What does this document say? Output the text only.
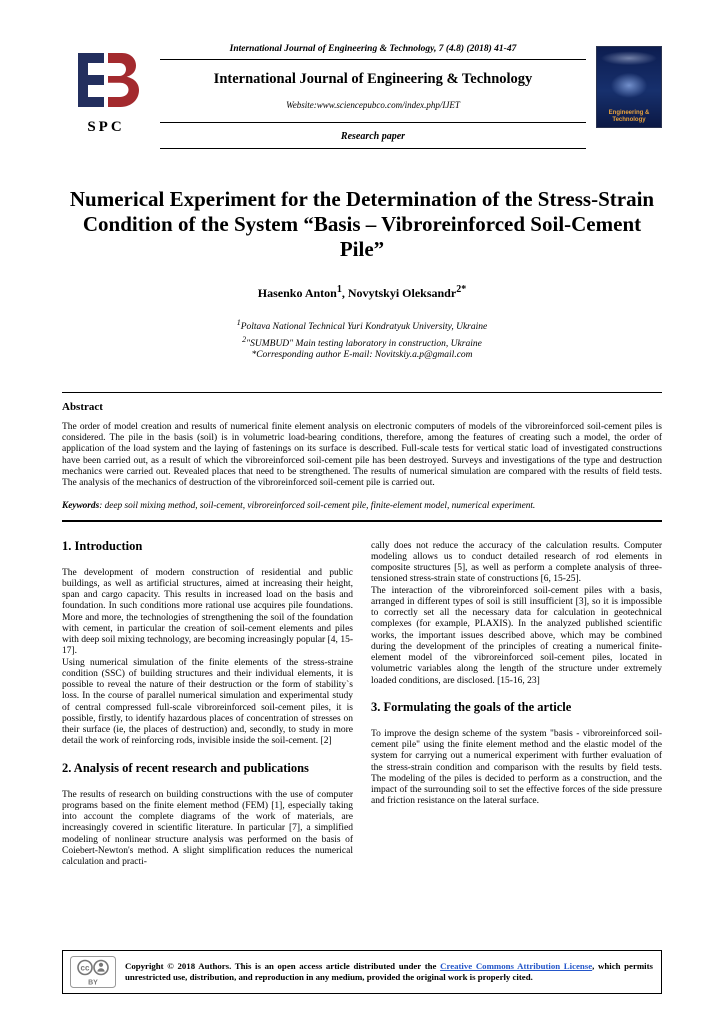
SPC
International Journal of Engineering & Technology, 7 (4.8) (2018) 41-47
International Journal of Engineering & Technology
Website:www.sciencepubco.com/index.php/IJET
Research paper
Engineering & Technology
Numerical Experiment for the Determination of the Stress-Strain Condition of the System “Basis – Vibroreinforced Soil-Cement Pile”
Hasenko Anton$^1$, Novytskyi Oleksandr$^{2*}$
$^1$Poltava National Technical Yuri Kondratyuk University, Ukraine
$^2$"SUMBUD" Main testing laboratory in construction, Ukraine
*Corresponding author E-mail: Novitskiy.a.p@gmail.com
Abstract

The order of model creation and results of numerical finite element analysis on electronic computers of models of the vibroreinforced soil-cement piles is considered. The pile in the basis (soil) is in volumetric load-bearing conditions, therefore, among the features of creating such a model, the order of application of the load system and the laying of fastenings on its surface is described. Full-scale tests for vertical static load of investigated constructions have been carried out, as a result of which the vibroreinforced soil-cement pile has been destroyed. Surveys and investigations of the type and destruction mechanics were carried out. Revealed places that need to be strengthened. The results of numerical simulation are compared with the results of field tests. The analysis of the mechanics of destruction of the vibroreinforced soil-cement pile is carried out.

Keywords: deep soil mixing method, soil-cement, vibroreinforced soil-cement pile, finite-element model, numerical experiment.

1. Introduction

The development of modern construction of residential and public buildings, as well as artificial structures, aimed at increasing their height, span and cargo capacity. This results in increased load on the basis and foundation. In such conditions more rational use acquires pile foundations. More and more, the technologies of strengthening the soil of the foundation with cement, in particular the creation of soil-cement elements and piles with deep soil mixing technology, are becoming increasingly popular [4, 15-17].

Using numerical simulation of the finite elements of the stress-straine condition (SSC) of building structures and their individual elements, it is possible to reveal the nature of their destruction or the form of stability`s loss. In the course of parallel numerical simulation and experimental study of central compressed full-scale vibroreinforced soil-cement piles, it is possible, firstly, to identify hazardous places of concentration of stresses on their surface (ie, the places of destruction) and, secondly, to study in more detail the work of reinforcing rods, invisible inside the soil-cement. [2]

2. Analysis of recent research and publications

The results of research on building constructions with the use of computer programs based on the finite element method (FEM) [1], especially taking into account the complete diagrams of the work of materials, are increasingly covered in scientific literature. In particular [7], a simplified modeling of nonlinear structure analysis was performed on the basis of Coiebert-Newton's method. A slight simplification reduces the numerical calculation and practi-

cally does not reduce the accuracy of the calculation results. Computer modeling allows us to conduct detailed research of rod elements in composite structures [5], as well as perform a complete analysis of three-tensioned stress-strain state of constructions [6, 15-25].

The interaction of the vibroreinforced soil-cement piles with a basis, arranged in different types of soil is still insufficient [3], so it is impossible to correctly set all the necessary data for calculation in geotechnical complexes (for example, PLAXIS). In the analyzed published scientific works, the important issues described above, which may be combined during the development of the principles of creating a numerical finite-element model of the vibroreinforced soil-cement piles, located in volumetric variables along the length of the structure under extremely loaded conditions, are disclosed. [15-16, 23]

3. Formulating the goals of the article

To improve the design scheme of the system "basis - vibroreinforced soil-cement pile" using the finite element method and the elastic model of the system for carrying out a numerical experiment with further evaluation of the stress-strain condition and comparison with the results by field tests. The modeling of the piles is decided to perform as a construction, and the impact of the surrounding soil to set the effective forces of the side pressure and friction resistance on the lateral surface.

cc
BY

Copyright © 2018 Authors. This is an open access article distributed under the Creative Commons Attribution License, which permits unrestricted use, distribution, and reproduction in any medium, provided the original work is properly cited.
